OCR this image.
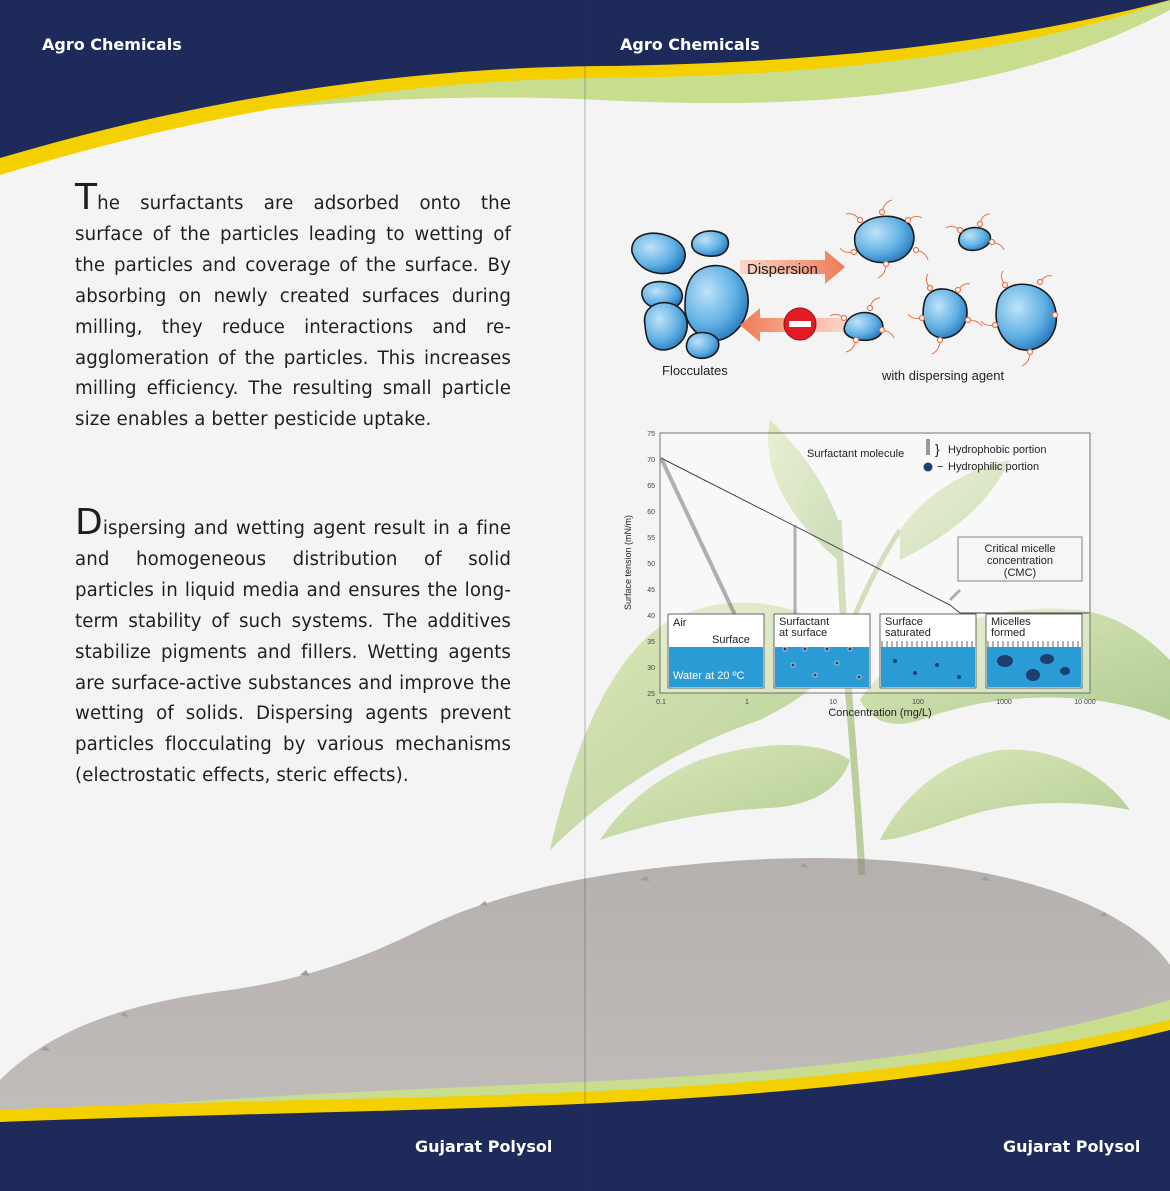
Agro Chemicals	Agro Chemicals
Gujarat Polysol	Gujarat Polysol
The surfactants are adsorbed onto the surface of the particles leading to wetting of the particles and coverage of the surface. By absorbing on newly created surfaces during milling, they reduce interactions and re-agglomeration of the particles. This increases milling efficiency. The resulting small particle size enables a better pesticide uptake.
Dispersing and wetting agent result in a fine and homogeneous distribution of solid particles in liquid media and ensures the long-term stability of such systems. The additives stabilize pigments and fillers. Wetting agents are surface-active substances and improve the wetting of solids. Dispersing agents prevent particles flocculating by various mechanisms (electrostatic effects, steric effects).
Dispersion
Flocculates	with dispersing agent
Surface tension (mN/m)
75
70
65
60
55
50
45
40
35
30
25
0.1	1	10	100	1000	10 000
Concentration (mg/L)
Surfactant molecule } Hydrophobic portion
− Hydrophilic portion
Critical micelle
concentration
(CMC)
Air
Surface
Water at 20 ºC
Surfactant
at surface
Surface
saturated
Micelles
formed
